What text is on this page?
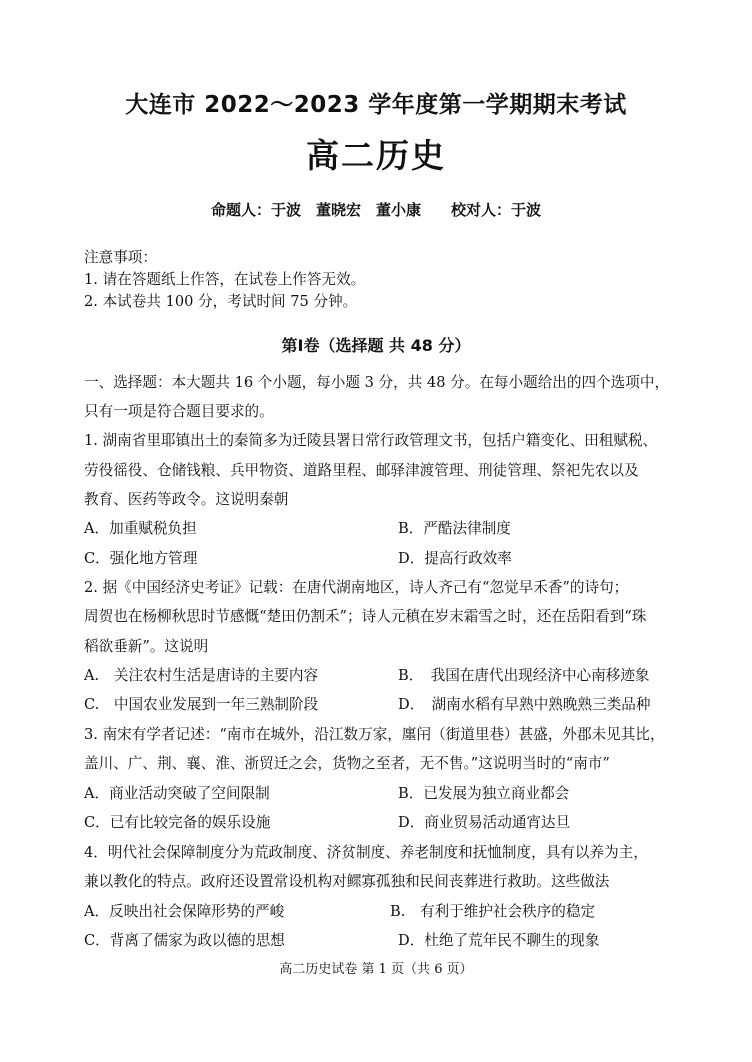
大连市 2022～2023 学年度第一学期期末考试
高二历史
命题人：于波　董晓宏　董小康　　校对人：于波
注意事项：
1. 请在答题纸上作答，在试卷上作答无效。
2. 本试卷共 100 分，考试时间 75 分钟。
第Ⅰ卷（选择题 共 48 分）
一、选择题：本大题共 16 个小题，每小题 3 分，共 48 分。在每小题给出的四个选项中，
只有一项是符合题目要求的。
1. 湖南省里耶镇出土的秦简多为迁陵县署日常行政管理文书，包括户籍变化、田租赋税、
劳役徭役、仓储钱粮、兵甲物资、道路里程、邮驿津渡管理、刑徒管理、祭祀先农以及
教育、医药等政令。这说明秦朝
A．加重赋税负担	B．严酷法律制度
C．强化地方管理	D．提高行政效率
2. 据《中国经济史考证》记载：在唐代湖南地区，诗人齐己有“忽觉早禾香”的诗句；
周贺也在杨柳秋思时节感慨“楚田仍割禾”；诗人元稹在岁末霜雪之时，还在岳阳看到“珠
稻欲垂新”。这说明
A.　关注农村生活是唐诗的主要内容	B．　我国在唐代出现经济中心南移迹象
C.　中国农业发展到一年三熟制阶段	D．　湖南水稻有早熟中熟晚熟三类品种
3. 南宋有学者记述：“南市在城外，沿江数万家，廛闬（街道里巷）甚盛，外郡未见其比，
盖川、广、荆、襄、淮、浙贸迁之会，货物之至者，无不售。”这说明当时的“南市”
A．商业活动突破了空间限制	B．已发展为独立商业都会
C．已有比较完备的娱乐设施	D．商业贸易活动通宵达旦
4．明代社会保障制度分为荒政制度、济贫制度、养老制度和抚恤制度，具有以养为主，
兼以教化的特点。政府还设置常设机构对鳏寡孤独和民间丧葬进行救助。这些做法
A．反映出社会保障形势的严峻	B.　有利于维护社会秩序的稳定
C．背离了儒家为政以德的思想	D．杜绝了荒年民不聊生的现象
高二历史试卷 第 1 页（共 6 页）
